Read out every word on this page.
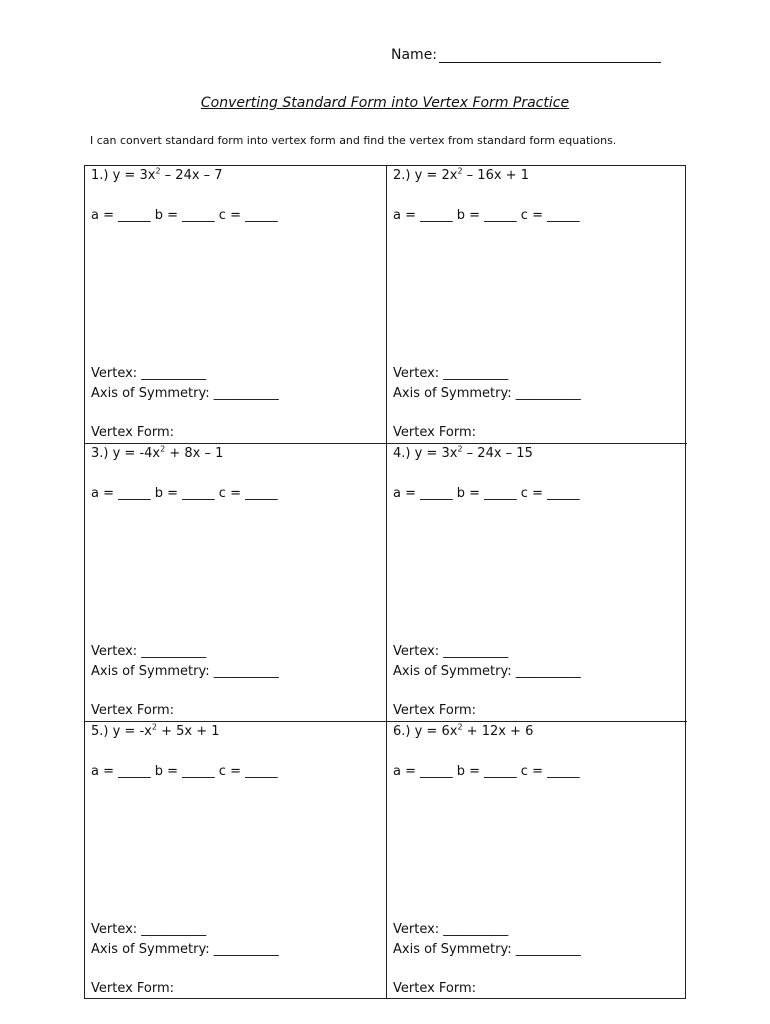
Name:
Converting Standard Form into Vertex Form Practice
I can convert standard form into vertex form and find the vertex from standard form equations.
1.) $y = 3x^2 - 24x - 7$
a = _____ b = _____ c = _____
Vertex: __________
Axis of Symmetry: __________
Vertex Form:
2.) $y = 2x^2 - 16x + 1$
a = _____ b = _____ c = _____
Vertex: __________
Axis of Symmetry: __________
Vertex Form:
3.) $y = -4x^2 + 8x - 1$
a = _____ b = _____ c = _____
Vertex: __________
Axis of Symmetry: __________
Vertex Form:
4.) $y = 3x^2 - 24x - 15$
a = _____ b = _____ c = _____
Vertex: __________
Axis of Symmetry: __________
Vertex Form:
5.) $y = -x^2 + 5x + 1$
a = _____ b = _____ c = _____
Vertex: __________
Axis of Symmetry: __________
Vertex Form:
6.) $y = 6x^2 + 12x + 6$
a = _____ b = _____ c = _____
Vertex: __________
Axis of Symmetry: __________
Vertex Form:
